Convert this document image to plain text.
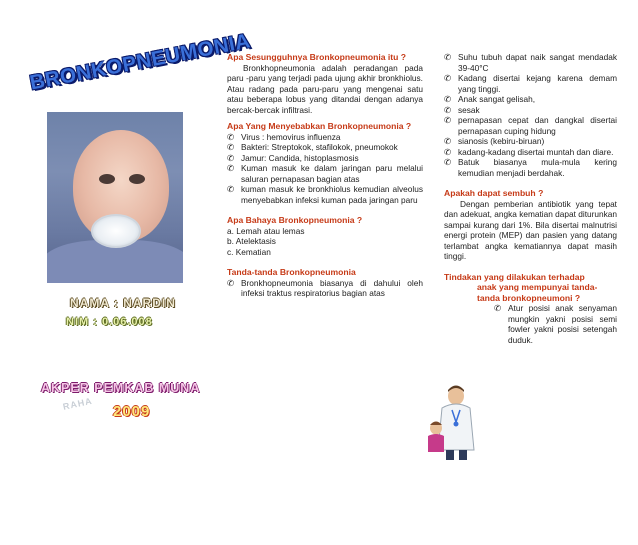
BRONKOPNEUMONIA
NAMA : NARDIN
NIM : 0.06.008
AKPER PEMKAB MUNA
RAHA 2009

Apa Sesungguhnya Bronkopneumonia itu ?

Bronkhopneumonia adalah peradangan pada paru -paru yang terjadi pada ujung akhir bronkhiolus. Atau radang pada paru-paru yang mengenai satu atau beberapa lobus yang ditandai dengan adanya bercak-bercak infiltrasi.

Apa Yang Menyebabkan Bronkopneumonia ?

✆ Virus : hemovirus influenza
✆ Bakteri: Streptokok, stafilokok, pneumokok
✆ Jamur: Candida, histoplasmosis
✆ Kuman masuk ke dalam jaringan paru melalui saluran pernapasan bagian atas
✆ kuman masuk ke bronkhiolus kemudian alveolus menyebabkan infeksi kuman pada jaringan paru

Apa Bahaya Bronkopneumonia ?

a. Lemah atau lemas
b. Atelektasis
c. Kematian

Tanda-tanda Bronkopneumonia

✆ Bronkhopneumonia biasanya di dahului oleh infeksi traktus respiratorius bagian atas
✆ Suhu tubuh dapat naik sangat mendadak 39-40°C
✆ Kadang disertai kejang karena demam yang tinggi.
✆ Anak sangat gelisah,
✆ sesak
✆ pernapasan cepat dan dangkal disertai pernapasan cuping hidung
✆ sianosis (kebiru-biruan)
✆ kadang-kadang disertai muntah dan diare.
✆ Batuk biasanya mula-mula kering kemudian menjadi berdahak.

Apakah dapat sembuh ?

Dengan pemberian antibiotik yang tepat dan adekuat, angka kematian dapat diturunkan sampai kurang dari 1%. Bila disertai malnutrisi energi protein (MEP) dan pasien yang datang terlambat angka kematiannya dapat masih tinggi.

Tindakan yang dilakukan terhadap

anak yang mempunyai tanda-tanda bronkopneumoni ?

✆ Atur posisi anak senyaman mungkin yakni posisi semi fowler yakni posisi setengah duduk.
